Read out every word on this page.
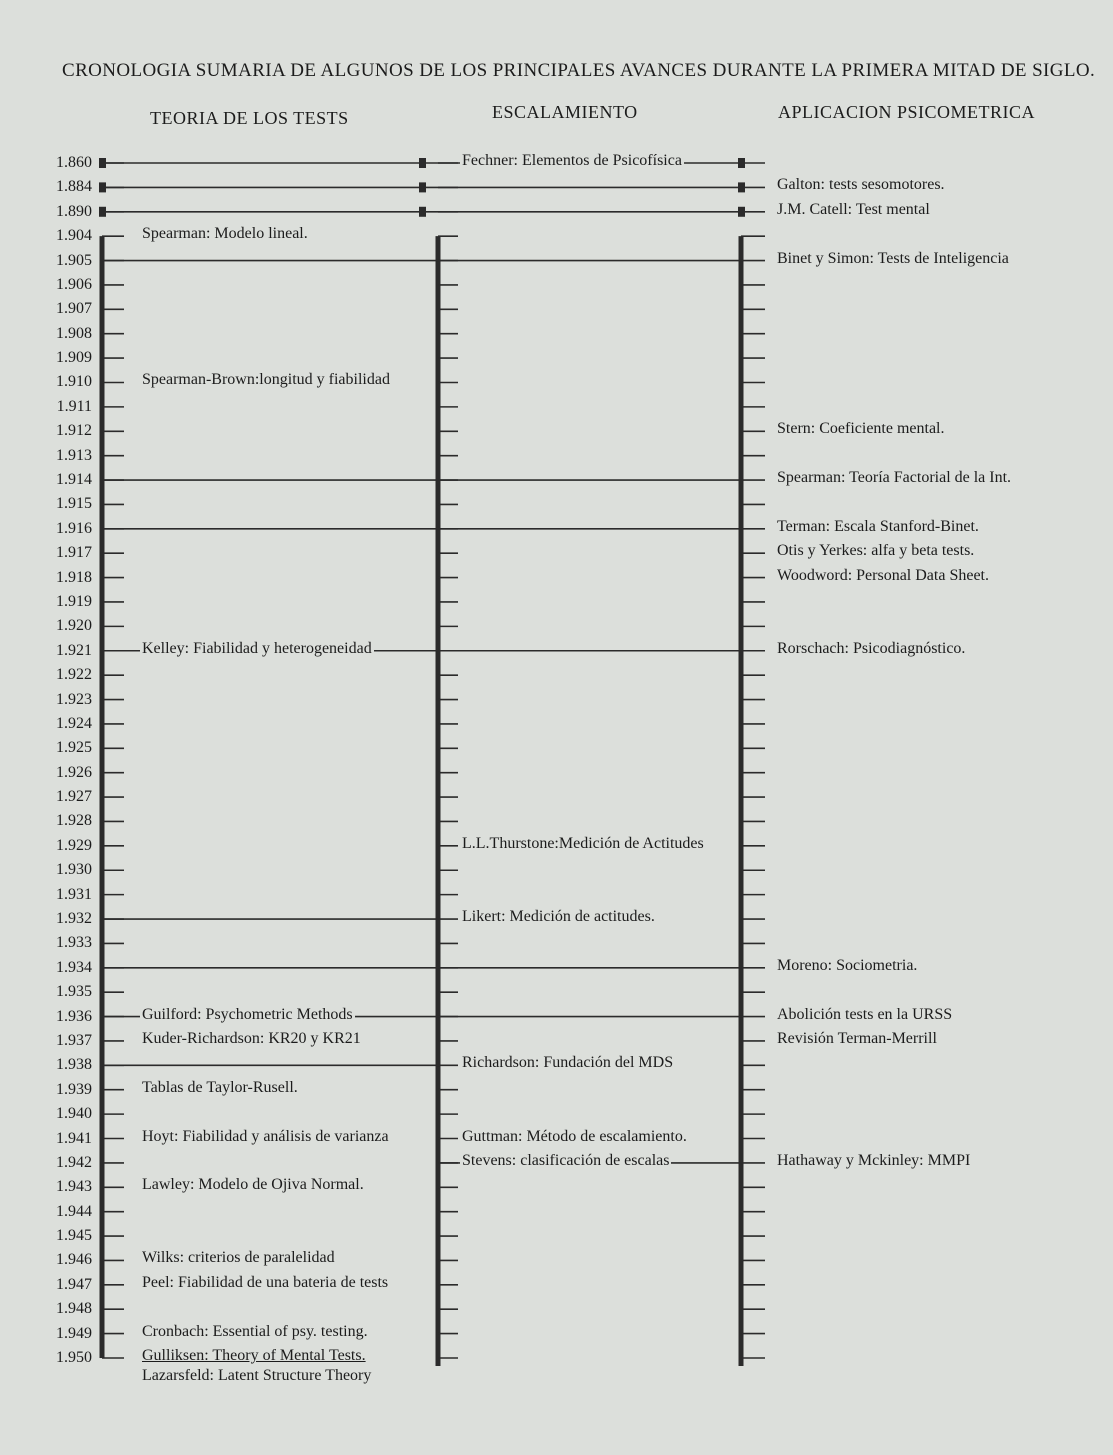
CRONOLOGIA SUMARIA DE ALGUNOS DE LOS PRINCIPALES AVANCES DURANTE LA PRIMERA MITAD DE SIGLO.
TEORIA DE LOS TESTS	ESCALAMIENTO	APLICACION PSICOMETRICA
1.860
1.884
1.890
1.904
1.905
1.906
1.907
1.908
1.909
1.910
1.911
1.912
1.913
1.914
1.915
1.916
1.917
1.918
1.919
1.920
1.921
1.922
1.923
1.924
1.925
1.926
1.927
1.928
1.929
1.930
1.931
1.932
1.933
1.934
1.935
1.936
1.937
1.938
1.939
1.940
1.941
1.942
1.943
1.944
1.945
1.946
1.947
1.948
1.949
1.950
Spearman: Modelo lineal.
Spearman-Brown:longitud y fiabilidad
Kelley: Fiabilidad y heterogeneidad
Guilford: Psychometric Methods
Kuder-Richardson: KR20 y KR21
Tablas de Taylor-Rusell.
Hoyt: Fiabilidad y análisis de varianza
Lawley: Modelo de Ojiva Normal.
Wilks: criterios de paralelidad
Peel: Fiabilidad de una bateria de tests
Cronbach: Essential of psy. testing.
Gulliksen: Theory of Mental Tests.
Lazarsfeld: Latent Structure Theory
Fechner: Elementos de Psicofísica
L.L.Thurstone:Medición de Actitudes
Likert: Medición de actitudes.
Richardson: Fundación del MDS
Guttman: Método de escalamiento.
Stevens: clasificación de escalas
Galton: tests sesomotores.
J.M. Catell: Test mental
Binet y Simon: Tests de Inteligencia
Stern: Coeficiente mental.
Spearman: Teoría Factorial de la Int.
Terman: Escala Stanford-Binet.
Otis y Yerkes: alfa y beta tests.
Woodword: Personal Data Sheet.
Rorschach: Psicodiagnóstico.
Moreno: Sociometria.
Abolición tests en la URSS
Revisión Terman-Merrill
Hathaway y Mckinley: MMPI
